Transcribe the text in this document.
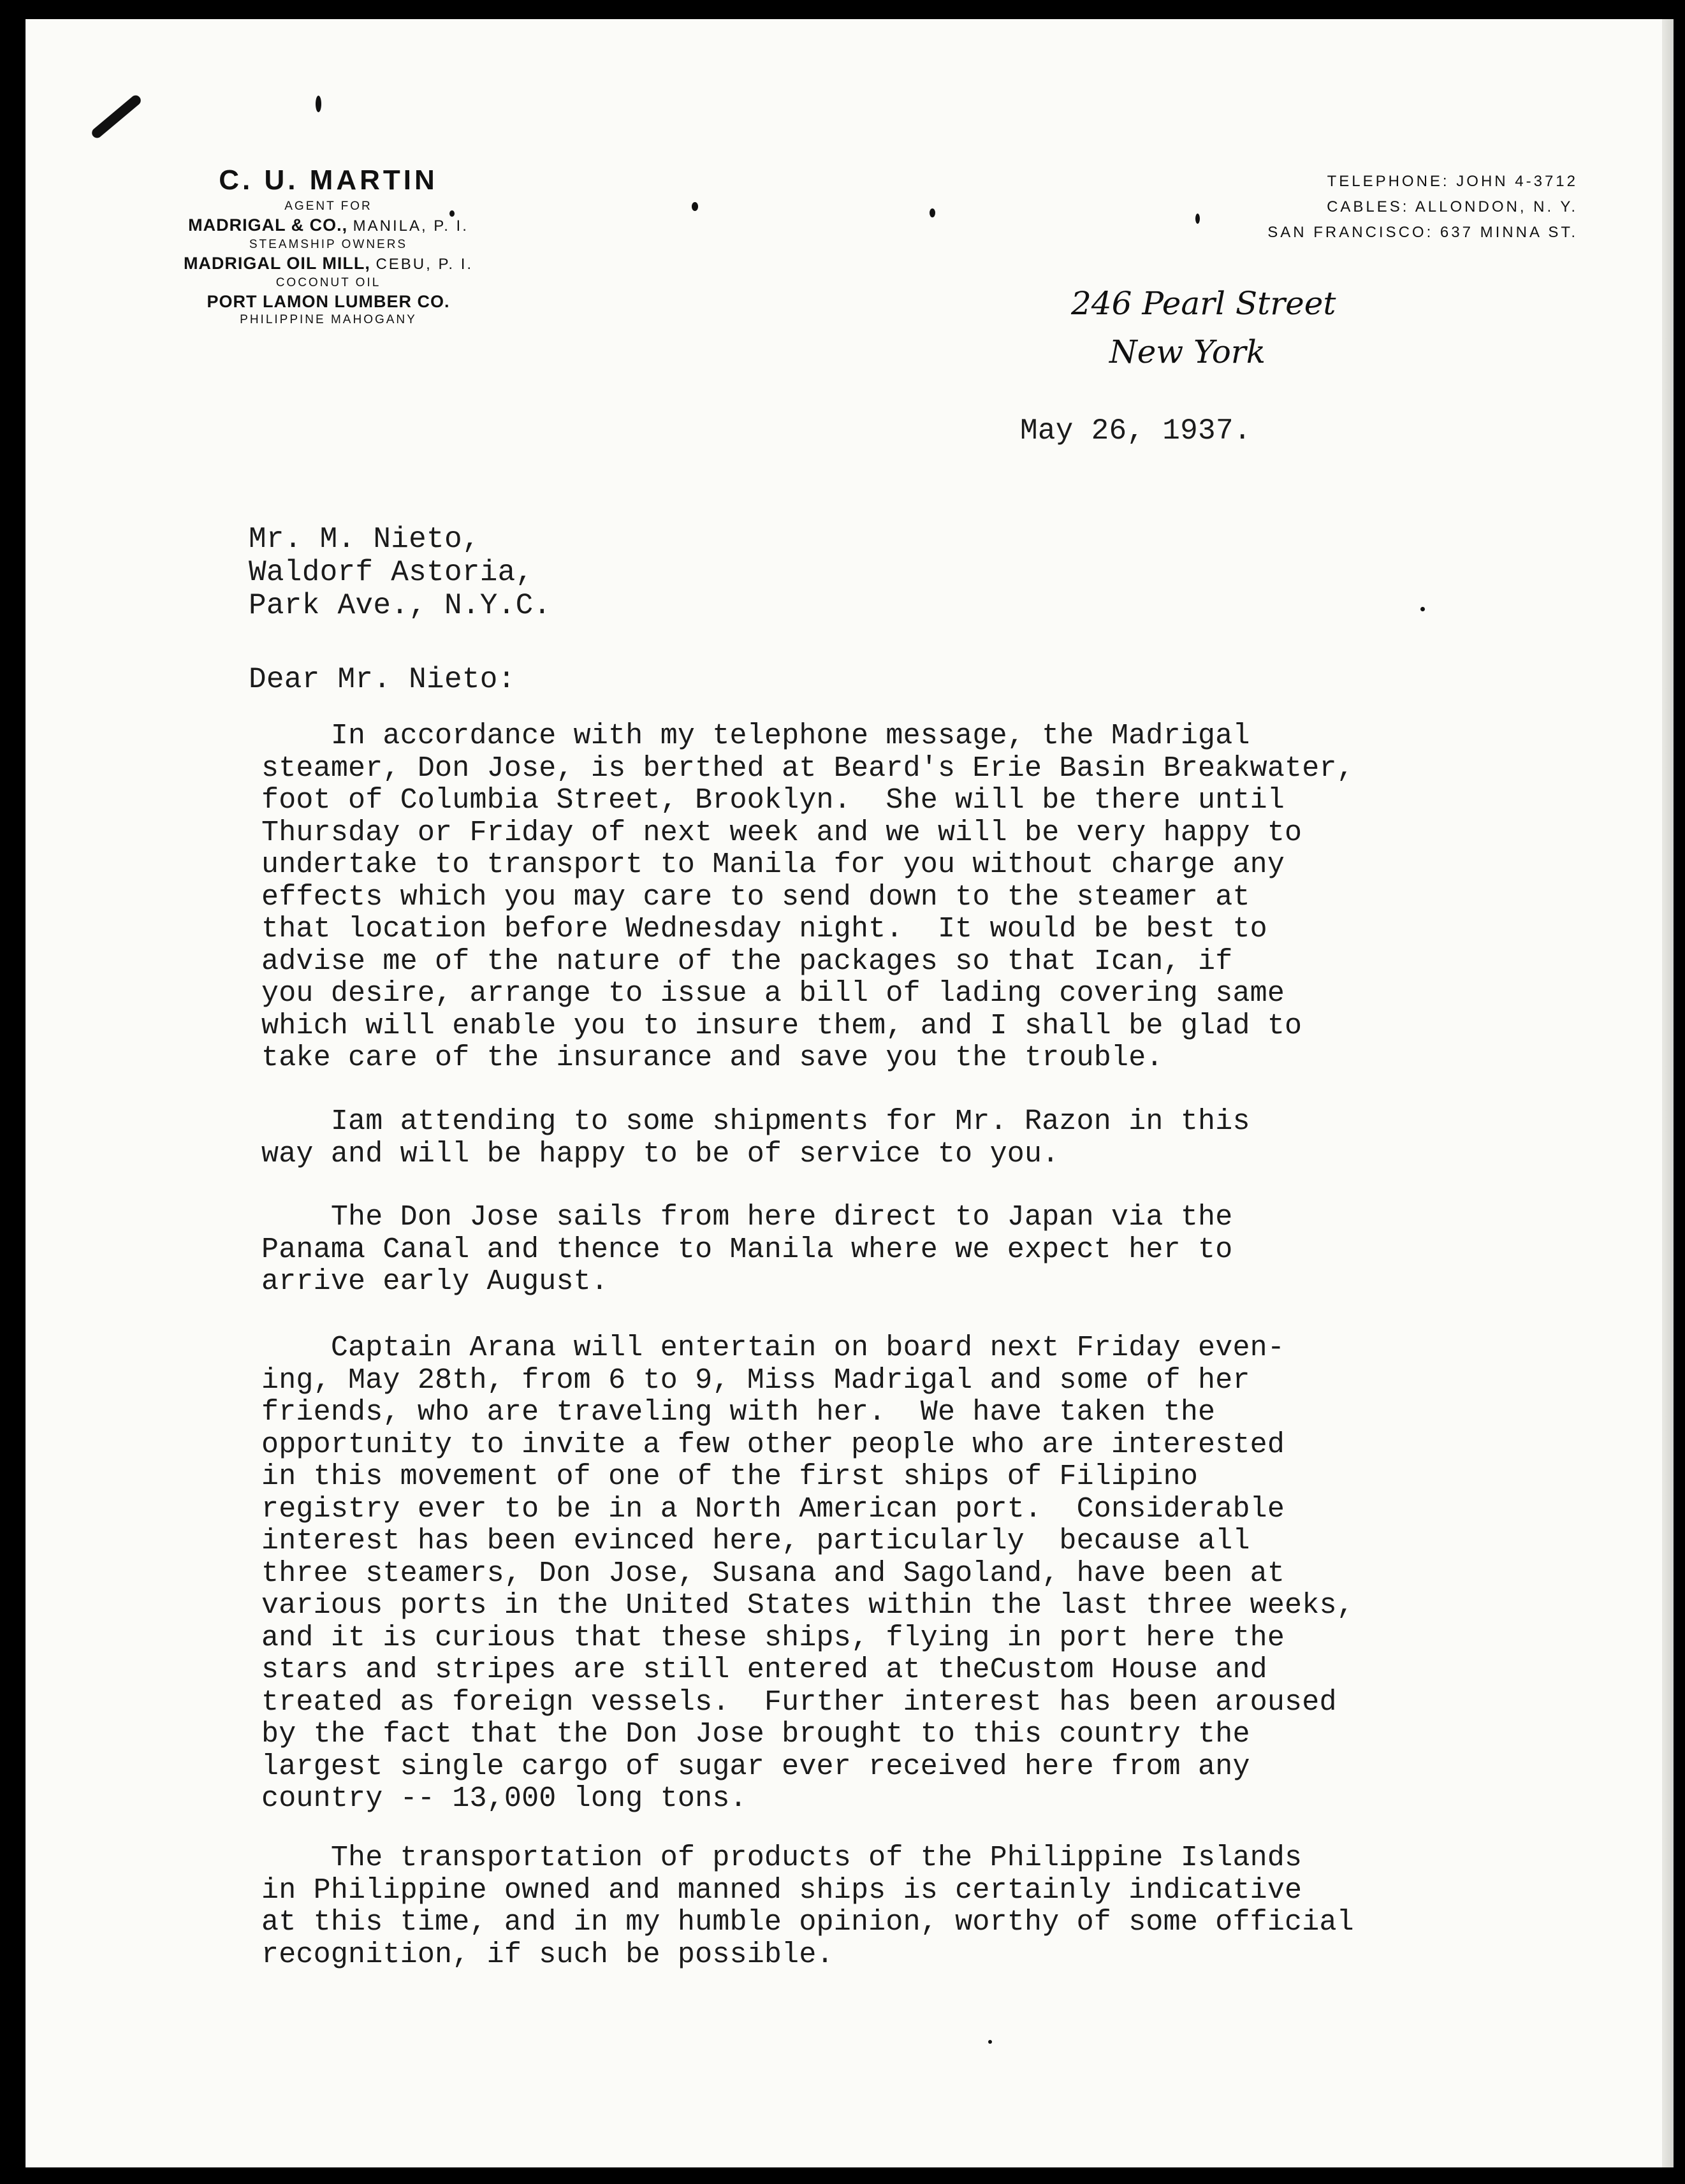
C. U. MARTIN
AGENT FOR
MADRIGAL & CO., MANILA, P. I.
STEAMSHIP OWNERS
MADRIGAL OIL MILL, CEBU, P. I.
COCONUT OIL
PORT LAMON LUMBER CO.
PHILIPPINE MAHOGANY
TELEPHONE: JOHN 4-3712
CABLES: ALLONDON, N. Y.
SAN FRANCISCO: 637 MINNA ST.
246 Pearl Street
New York
May 26, 1937.
Mr. M. Nieto,
Waldorf Astoria,
Park Ave., N.Y.C.
Dear Mr. Nieto:
In accordance with my telephone message, the Madrigal
steamer, Don Jose, is berthed at Beard's Erie Basin Breakwater,
foot of Columbia Street, Brooklyn.  She will be there until
Thursday or Friday of next week and we will be very happy to
undertake to transport to Manila for you without charge any
effects which you may care to send down to the steamer at
that location before Wednesday night.  It would be best to
advise me of the nature of the packages so that Ican, if
you desire, arrange to issue a bill of lading covering same
which will enable you to insure them, and I shall be glad to
take care of the insurance and save you the trouble.
Iam attending to some shipments for Mr. Razon in this
way and will be happy to be of service to you.
The Don Jose sails from here direct to Japan via the
Panama Canal and thence to Manila where we expect her to
arrive early August.
Captain Arana will entertain on board next Friday even-
ing, May 28th, from 6 to 9, Miss Madrigal and some of her
friends, who are traveling with her.  We have taken the
opportunity to invite a few other people who are interested
in this movement of one of the first ships of Filipino
registry ever to be in a North American port.  Considerable
interest has been evinced here, particularly  because all
three steamers, Don Jose, Susana and Sagoland, have been at
various ports in the United States within the last three weeks,
and it is curious that these ships, flying in port here the
stars and stripes are still entered at theCustom House and
treated as foreign vessels.  Further interest has been aroused
by the fact that the Don Jose brought to this country the
largest single cargo of sugar ever received here from any
country -- 13,000 long tons.
The transportation of products of the Philippine Islands
in Philippine owned and manned ships is certainly indicative
at this time, and in my humble opinion, worthy of some official
recognition, if such be possible.
